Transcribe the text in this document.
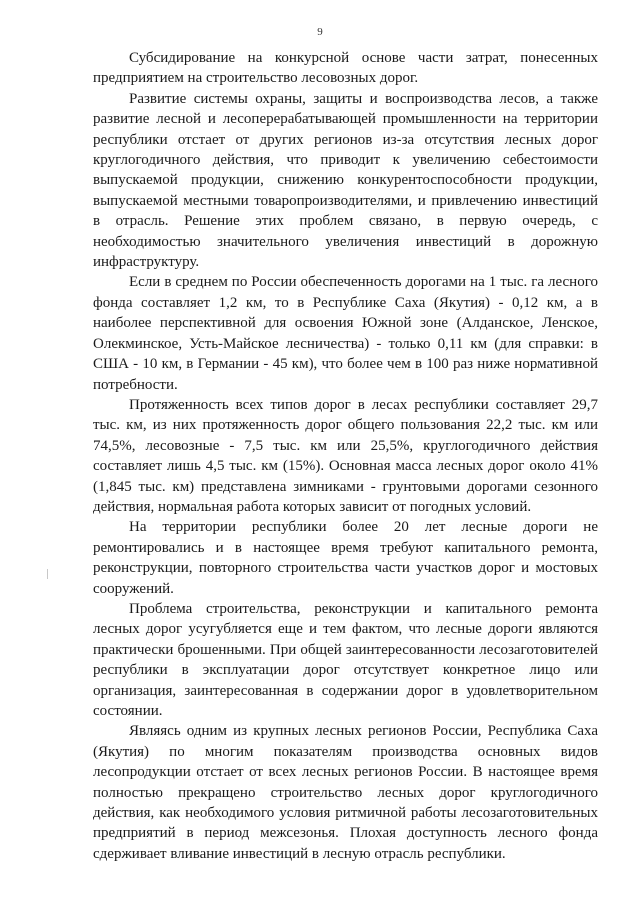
9

Субсидирование на конкурсной основе части затрат, понесенных предприятием на строительство лесовозных дорог.

Развитие системы охраны, защиты и воспроизводства лесов, а также развитие лесной и лесоперерабатывающей промышленности на территории республики отстает от других регионов из-за отсутствия лесных дорог круглогодичного действия, что приводит к увеличению себестоимости выпускаемой продукции, снижению конкурентоспособности продукции, выпускаемой местными товаропроизводителями, и привлечению инвестиций в отрасль. Решение этих проблем связано, в первую очередь, с необходимостью значительного увеличения инвестиций в дорожную инфраструктуру.

Если в среднем по России обеспеченность дорогами на 1 тыс. га лесного фонда составляет 1,2 км, то в Республике Саха (Якутия) - 0,12 км, а в наиболее перспективной для освоения Южной зоне (Алданское, Ленское, Олекминское, Усть-Майское лесничества) - только 0,11 км (для справки: в США - 10 км, в Германии - 45 км), что более чем в 100 раз ниже нормативной потребности.

Протяженность всех типов дорог в лесах республики составляет 29,7 тыс. км, из них протяженность дорог общего пользования 22,2 тыс. км или 74,5%, лесовозные - 7,5 тыс. км или 25,5%, круглогодичного действия составляет лишь 4,5 тыс. км (15%). Основная масса лесных дорог около 41% (1,845 тыс. км) представлена зимниками - грунтовыми дорогами сезонного действия, нормальная работа которых зависит от погодных условий.

На территории республики более 20 лет лесные дороги не ремонтировались и в настоящее время требуют капитального ремонта, реконструкции, повторного строительства части участков дорог и мостовых сооружений.

Проблема строительства, реконструкции и капитального ремонта лесных дорог усугубляется еще и тем фактом, что лесные дороги являются практически брошенными. При общей заинтересованности лесозаготовителей республики в эксплуатации дорог отсутствует конкретное лицо или организация, заинтересованная в содержании дорог в удовлетворительном состоянии.

Являясь одним из крупных лесных регионов России, Республика Саха (Якутия) по многим показателям производства основных видов лесопродукции отстает от всех лесных регионов России. В настоящее время полностью прекращено строительство лесных дорог круглогодичного действия, как необходимого условия ритмичной работы лесозаготовительных предприятий в период межсезонья. Плохая доступность лесного фонда сдерживает вливание инвестиций в лесную отрасль республики.
